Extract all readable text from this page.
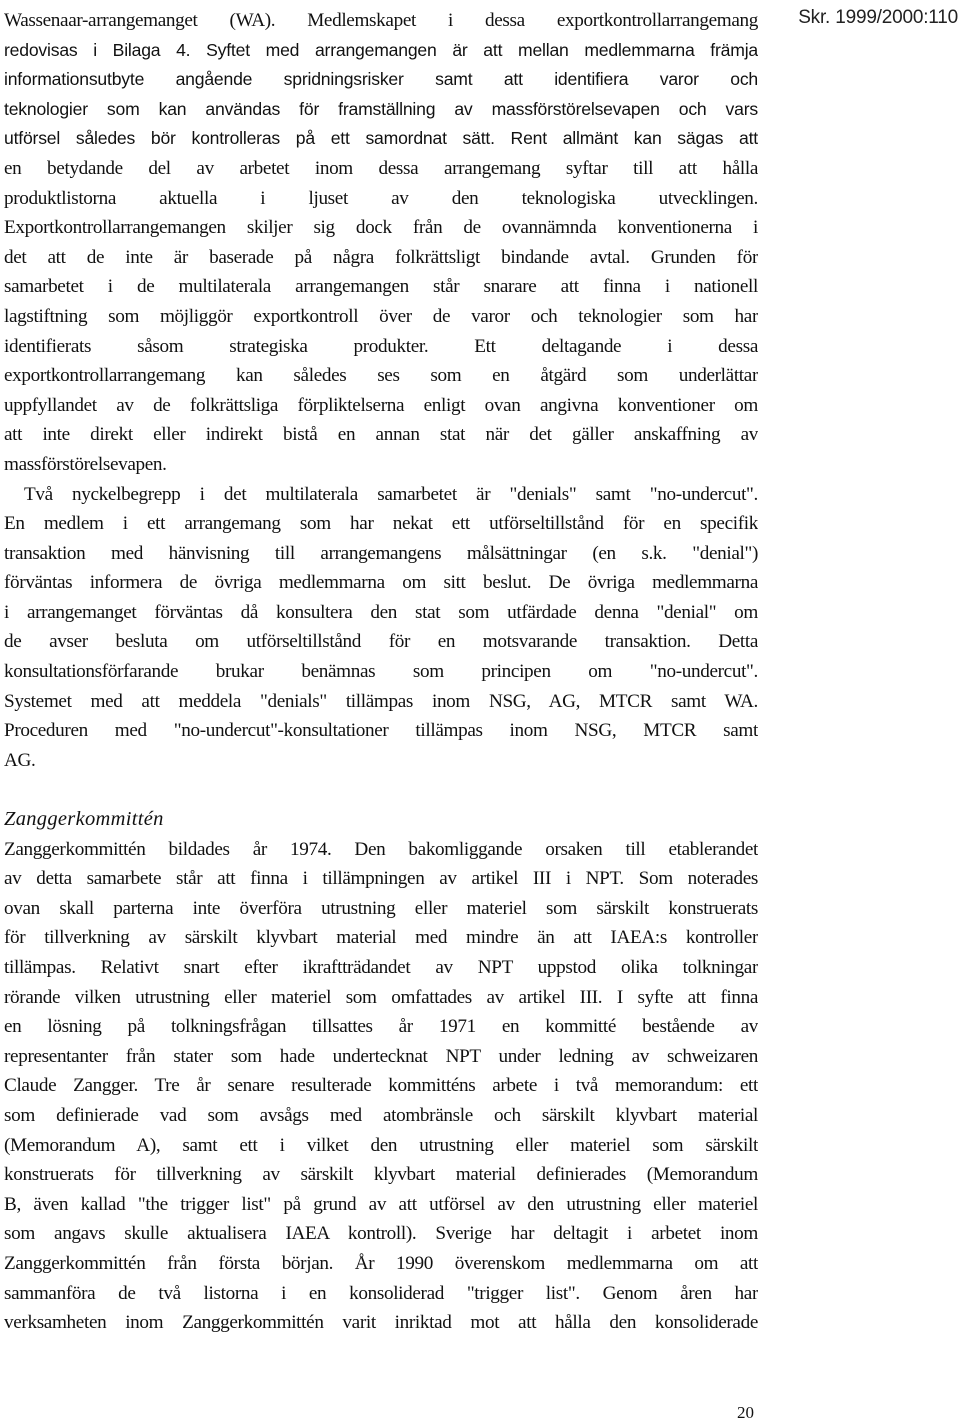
Skr. 1999/2000:110
Wassenaar-arrangemanget (WA). Medlemskapet i dessa exportkontrollarrangemang
redovisas i Bilaga 4. Syftet med arrangemangen är att mellan medlemmarna främja
informationsutbyte angående spridningsrisker samt att identifiera varor och
teknologier som kan användas för framställning av massförstörelsevapen och vars
utförsel således bör kontrolleras på ett samordnat sätt. Rent allmänt kan sägas att
en betydande del av arbetet inom dessa arrangemang syftar till att hålla
produktlistorna aktuella i ljuset av den teknologiska utvecklingen.
Exportkontrollarrangemangen skiljer sig dock från de ovannämnda konventionerna i
det att de inte är baserade på några folkrättsligt bindande avtal. Grunden för
samarbetet i de multilaterala arrangemangen står snarare att finna i nationell
lagstiftning som möjliggör exportkontroll över de varor och teknologier som har
identifierats såsom strategiska produkter. Ett deltagande i dessa
exportkontrollarrangemang kan således ses som en åtgärd som underlättar
uppfyllandet av de folkrättsliga förpliktelserna enligt ovan angivna konventioner om
att inte direkt eller indirekt bistå en annan stat när det gäller anskaffning av
massförstörelsevapen.
Två nyckelbegrepp i det multilaterala samarbetet är "denials" samt "no-undercut".
En medlem i ett arrangemang som har nekat ett utförseltillstånd för en specifik
transaktion med hänvisning till arrangemangens målsättningar (en s.k. "denial")
förväntas informera de övriga medlemmarna om sitt beslut. De övriga medlemmarna
i arrangemanget förväntas då konsultera den stat som utfärdade denna "denial" om
de avser besluta om utförseltillstånd för en motsvarande transaktion. Detta
konsultationsförfarande brukar benämnas som principen om "no-undercut".
Systemet med att meddela "denials" tillämpas inom NSG, AG, MTCR samt WA.
Proceduren med "no-undercut"-konsultationer tillämpas inom NSG, MTCR samt
AG.
Zanggerkommittén
Zanggerkommittén bildades år 1974. Den bakomliggande orsaken till etablerandet
av detta samarbete står att finna i tillämpningen av artikel III i NPT. Som noterades
ovan skall parterna inte överföra utrustning eller materiel som särskilt konstruerats
för tillverkning av särskilt klyvbart material med mindre än att IAEA:s kontroller
tillämpas. Relativt snart efter ikraftträdandet av NPT uppstod olika tolkningar
rörande vilken utrustning eller materiel som omfattades av artikel III. I syfte att finna
en lösning på tolkningsfrågan tillsattes år 1971 en kommitté bestående av
representanter från stater som hade undertecknat NPT under ledning av schweizaren
Claude Zangger. Tre år senare resulterade kommitténs arbete i två memorandum: ett
som definierade vad som avsågs med atombränsle och särskilt klyvbart material
(Memorandum A), samt ett i vilket den utrustning eller materiel som särskilt
konstruerats för tillverkning av särskilt klyvbart material definierades (Memorandum
B, även kallad "the trigger list" på grund av att utförsel av den utrustning eller materiel
som angavs skulle aktualisera IAEA kontroll). Sverige har deltagit i arbetet inom
Zanggerkommittén från första början. År 1990 överenskom medlemmarna om att
sammanföra de två listorna i en konsoliderad "trigger list". Genom åren har
verksamheten inom Zanggerkommittén varit inriktad mot att hålla den konsoliderade
20
